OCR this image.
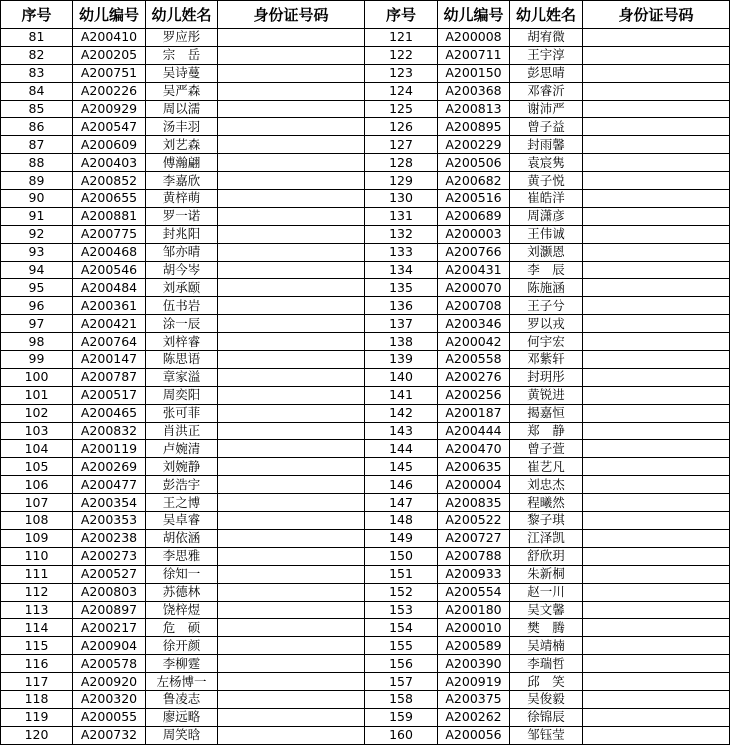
序号	幼儿编号	幼儿姓名	身份证号码	序号	幼儿编号	幼儿姓名	身份证号码
81	A200410	罗应彤		121	A200008	胡宥微	
82	A200205	宗　岳		122	A200711	王宇淳	
83	A200751	吴诗蔓		123	A200150	彭思晴	
84	A200226	吴严森		124	A200368	邓睿沂	
85	A200929	周以濡		125	A200813	谢沛严	
86	A200547	汤丰羽		126	A200895	曾子益	
87	A200609	刘艺森		127	A200229	封雨馨	
88	A200403	傅瀚翩		128	A200506	袁宸隽	
89	A200852	李嘉欣		129	A200682	黄子悦	
90	A200655	黄梓萌		130	A200516	崔皓洋	
91	A200881	罗一诺		131	A200689	周潇彦	
92	A200775	封兆阳		132	A200003	王伟诚	
93	A200468	邹亦晴		133	A200766	刘灏恩	
94	A200546	胡今岑		134	A200431	李　辰	
95	A200484	刘承颐		135	A200070	陈施涵	
96	A200361	伍书岩		136	A200708	王子兮	
97	A200421	涂一辰		137	A200346	罗以戎	
98	A200764	刘梓睿		138	A200042	何宇宏	
99	A200147	陈思语		139	A200558	邓紫轩	
100	A200787	章家溢		140	A200276	封玥彤	
101	A200517	周奕阳		141	A200256	黄锐进	
102	A200465	张可菲		142	A200187	揭嘉恒	
103	A200832	肖洪正		143	A200444	郑　静	
104	A200119	卢婉清		144	A200470	曾子萱	
105	A200269	刘婉静		145	A200635	崔艺凡	
106	A200477	彭浩宇		146	A200004	刘忠杰	
107	A200354	王之博		147	A200835	程曦然	
108	A200353	吴卓睿		148	A200522	黎子琪	
109	A200238	胡依涵		149	A200727	江泽凯	
110	A200273	李思雅		150	A200788	舒欣玥	
111	A200527	徐知一		151	A200933	朱新桐	
112	A200803	苏德林		152	A200554	赵一川	
113	A200897	饶梓煜		153	A200180	吴文馨	
114	A200217	危　硕		154	A200010	樊　腾	
115	A200904	徐开颜		155	A200589	吴靖楠	
116	A200578	李柳霆		156	A200390	李瑞哲	
117	A200920	左杨博一		157	A200919	邱　笑	
118	A200320	鲁凌志		158	A200375	吴俊毅	
119	A200055	廖远略		159	A200262	徐锦辰	
120	A200732	周笑晗		160	A200056	邹钰莹	
